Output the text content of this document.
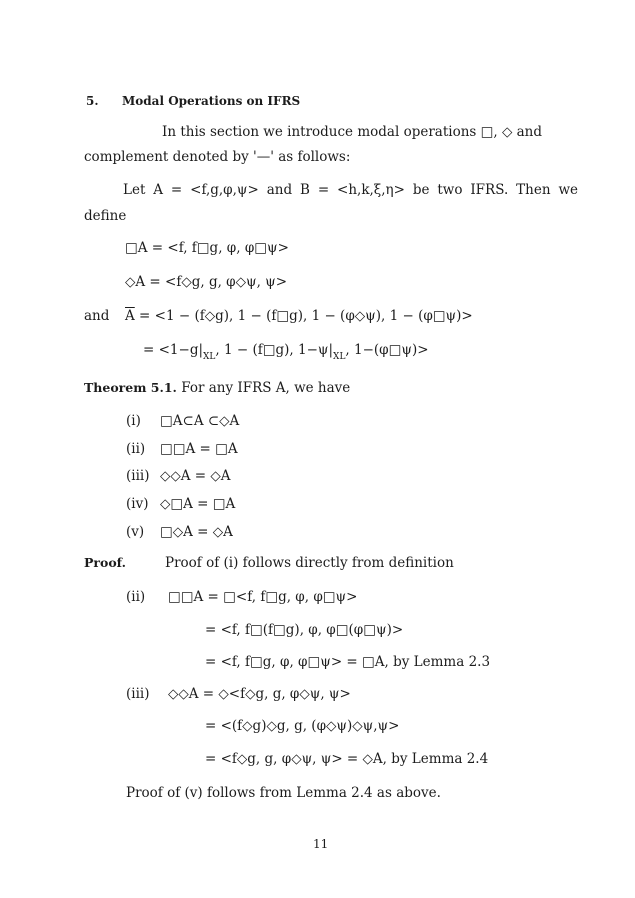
5. Modal Operations on IFRS
In this section we introduce modal operations □, ◇ and
complement denoted by '—' as follows:
Let A = <f,g,φ,ψ> and B = <h,k,ξ,η> be two IFRS. Then we
define
□A = <f, f□g, φ, φ□ψ>
◇A = <f◇g, g, φ◇ψ, ψ>
and $\overline{A} = <1$ − (f◇g), 1 − (f□g), 1 − (φ◇ψ), 1 − (φ□ψ)>
= $<1-g|_{XL}$, 1 − (f□g), $1-\psi|_{XL}$, 1−(φ□ψ)>
Theorem 5.1. For any IFRS A, we have
(i) □A⊂A ⊂◇A
(ii) □□A = □A
(iii) ◇◇A = ◇A
(iv) ◇□A = □A
(v) □◇A = ◇A
Proof.	Proof of (i) follows directly from definition
(ii) □□A = □<f, f□g, φ, φ□ψ>
= <f, f□(f□g), φ, φ□(φ□ψ)>
= <f, f□g, φ, φ□ψ> = □A, by Lemma 2.3
(iii) ◇◇A = ◇<f◇g, g, φ◇ψ, ψ>
= <(f◇g)◇g, g, (φ◇ψ)◇ψ,ψ>
= <f◇g, g, φ◇ψ, ψ> = ◇A, by Lemma 2.4
Proof of (v) follows from Lemma 2.4 as above.
11
